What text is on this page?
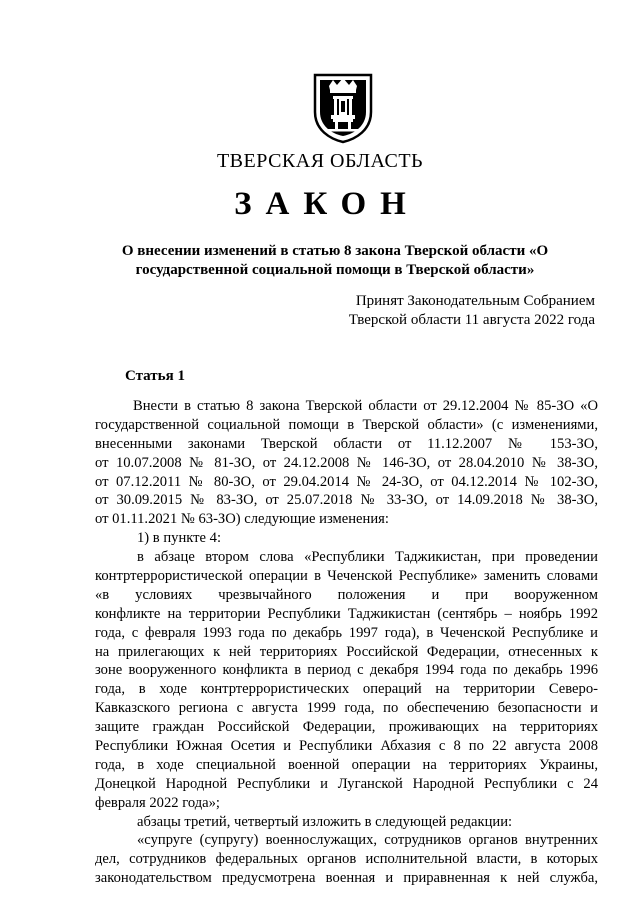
ТВЕРСКАЯ ОБЛАСТЬ
ЗАКОН
О внесении изменений в статью 8 закона Тверской области «О
государственной социальной помощи в Тверской области»
Принят Законодательным Собранием
Тверской области 11 августа 2022 года
Статья 1
Внести в статью 8 закона Тверской области от 29.12.2004 № 85-ЗО «О
государственной социальной помощи в Тверской области» (с изменениями,
внесенными законами Тверской области от 11.12.2007 № 153-ЗО,
от 10.07.2008 № 81-ЗО, от 24.12.2008 № 146-ЗО, от 28.04.2010 № 38-ЗО,
от 07.12.2011 № 80-ЗО, от 29.04.2014 № 24-ЗО, от 04.12.2014 № 102-ЗО,
от 30.09.2015 № 83-ЗО, от 25.07.2018 № 33-ЗО, от 14.09.2018 № 38-ЗО,
от 01.11.2021 № 63-ЗО) следующие изменения:
1) в пункте 4:
в абзаце втором слова «Республики Таджикистан, при проведении
контртеррористической операции в Чеченской Республике» заменить словами
«в условиях чрезвычайного положения и при вооруженном
конфликте на территории Республики Таджикистан (сентябрь – ноябрь 1992
года, с февраля 1993 года по декабрь 1997 года), в Чеченской Республике и
на прилегающих к ней территориях Российской Федерации, отнесенных к
зоне вооруженного конфликта в период с декабря 1994 года по декабрь 1996
года, в ходе контртеррористических операций на территории Северо-
Кавказского региона с августа 1999 года, по обеспечению безопасности и
защите граждан Российской Федерации, проживающих на территориях
Республики Южная Осетия и Республики Абхазия с 8 по 22 августа 2008
года, в ходе специальной военной операции на территориях Украины,
Донецкой Народной Республики и Луганской Народной Республики с 24
февраля 2022 года»;
абзацы третий, четвертый изложить в следующей редакции:
«супруге (супругу) военнослужащих, сотрудников органов внутренних
дел, сотрудников федеральных органов исполнительной власти, в которых
законодательством предусмотрена военная и приравненная к ней служба,
